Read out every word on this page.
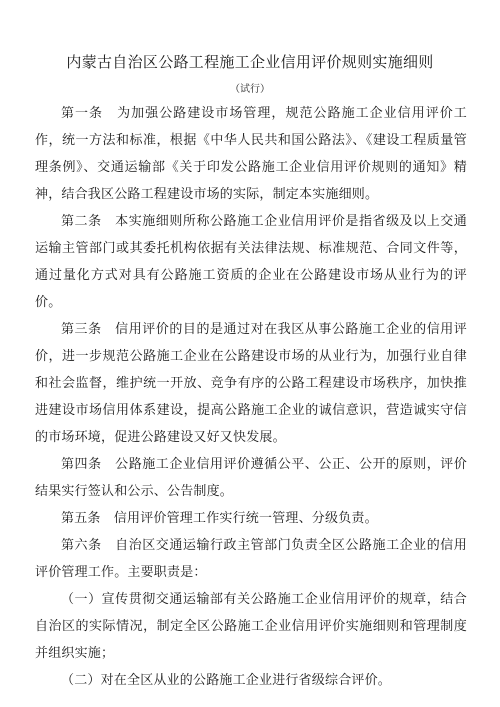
内蒙古自治区公路工程施工企业信用评价规则实施细则
（试行）

第一条　为加强公路建设市场管理，规范公路施工企业信用评价工作，统一方法和标准，根据《中华人民共和国公路法》、《建设工程质量管理条例》、交通运输部《关于印发公路施工企业信用评价规则的通知》精神，结合我区公路工程建设市场的实际，制定本实施细则。

第二条　本实施细则所称公路施工企业信用评价是指省级及以上交通运输主管部门或其委托机构依据有关法律法规、标准规范、合同文件等，通过量化方式对具有公路施工资质的企业在公路建设市场从业行为的评价。

第三条　信用评价的目的是通过对在我区从事公路施工企业的信用评价，进一步规范公路施工企业在公路建设市场的从业行为，加强行业自律和社会监督，维护统一开放、竞争有序的公路工程建设市场秩序，加快推进建设市场信用体系建设，提高公路施工企业的诚信意识，营造诚实守信的市场环境，促进公路建设又好又快发展。

第四条　公路施工企业信用评价遵循公平、公正、公开的原则，评价结果实行签认和公示、公告制度。

第五条　信用评价管理工作实行统一管理、分级负责。

第六条　自治区交通运输行政主管部门负责全区公路施工企业的信用评价管理工作。主要职责是：

（一）宣传贯彻交通运输部有关公路施工企业信用评价的规章，结合自治区的实际情况，制定全区公路施工企业信用评价实施细则和管理制度并组织实施；

（二）对在全区从业的公路施工企业进行省级综合评价。
